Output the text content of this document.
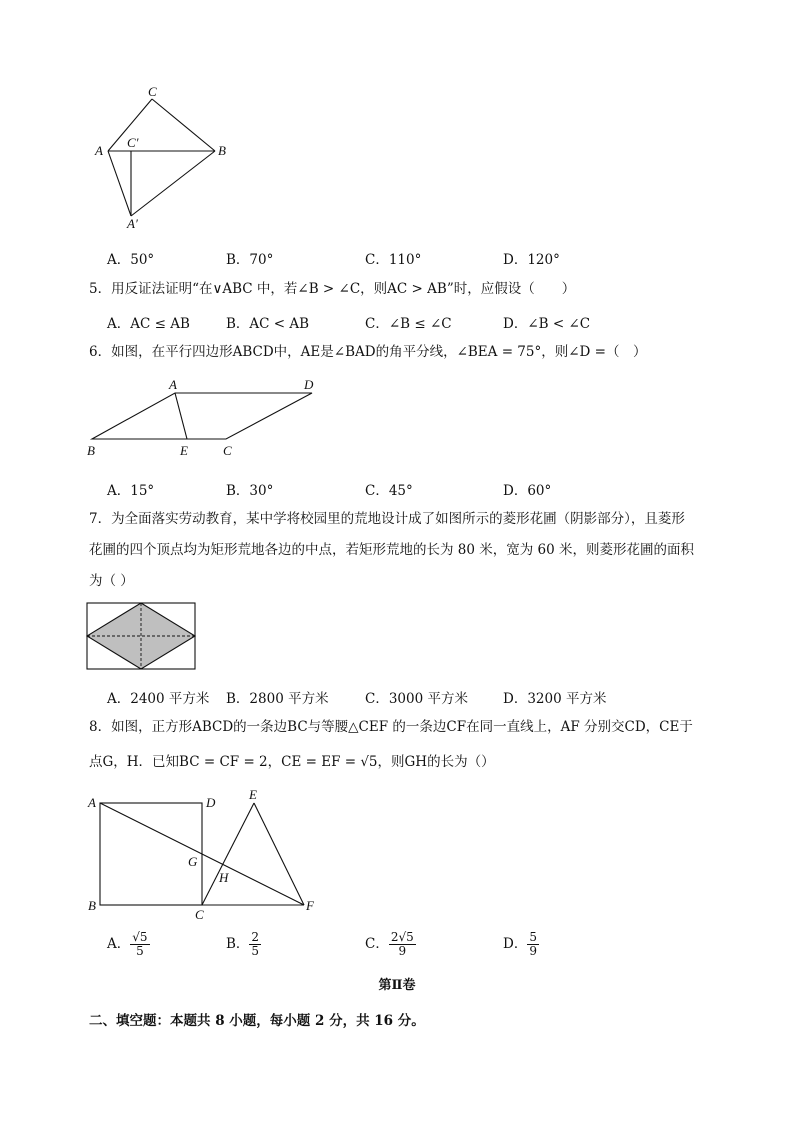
C
A
C′
B
A′
A．50°	B．70°	C．110°	D．120°
5．用反证法证明“在∨ABC 中，若∠B > ∠C，则AC > AB”时，应假设（　　）
A．AC ≤ AB	B．AC < AB	C．∠B ≤ ∠C	D．∠B < ∠C
6．如图，在平行四边形ABCD中，AE是∠BAD的角平分线，∠BEA = 75°，则∠D =（　）
A	D
B	E	C
A．15°	B．30°	C．45°	D．60°
7．为全面落实劳动教育，某中学将校园里的荒地设计成了如图所示的菱形花圃（阴影部分），且菱形
花圃的四个顶点均为矩形荒地各边的中点，若矩形荒地的长为 80 米，宽为 60 米，则菱形花圃的面积
为（ ）
A．2400 平方米 B．2800 平方米	C．3000 平方米	D．3200 平方米
8．如图，正方形ABCD的一条边BC与等腰△CEF 的一条边CF在同一直线上，AF 分别交CD，CE于
点G，H．已知BC = CF = 2，CE = EF = √5，则GH的长为（）
A	D
E
G
H
B
C
F
A． $\frac{√5}{5}$	B． $\frac{2}{5}$	C． $\frac{2√5}{9}$	D． $\frac{5}{9}$
第Ⅱ卷
二、填空题：本题共 8 小题，每小题 2 分，共 16 分。
